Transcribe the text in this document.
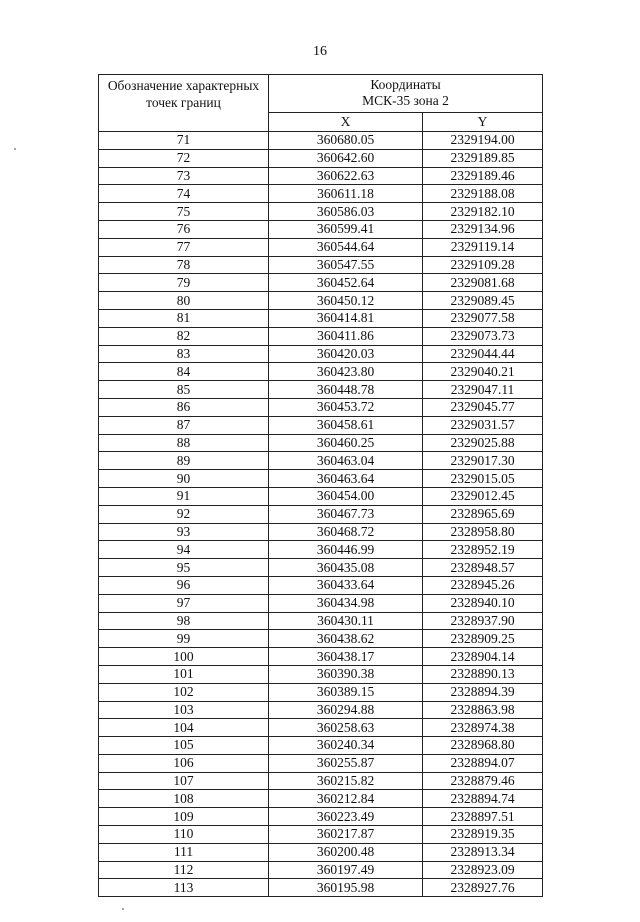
16
Обозначение характерных точек границ	Координаты
МСК-35 зона 2	
	X	Y
71	360680.05	2329194.00
72	360642.60	2329189.85
73	360622.63	2329189.46
74	360611.18	2329188.08
75	360586.03	2329182.10
76	360599.41	2329134.96
77	360544.64	2329119.14
78	360547.55	2329109.28
79	360452.64	2329081.68
80	360450.12	2329089.45
81	360414.81	2329077.58
82	360411.86	2329073.73
83	360420.03	2329044.44
84	360423.80	2329040.21
85	360448.78	2329047.11
86	360453.72	2329045.77
87	360458.61	2329031.57
88	360460.25	2329025.88
89	360463.04	2329017.30
90	360463.64	2329015.05
91	360454.00	2329012.45
92	360467.73	2328965.69
93	360468.72	2328958.80
94	360446.99	2328952.19
95	360435.08	2328948.57
96	360433.64	2328945.26
97	360434.98	2328940.10
98	360430.11	2328937.90
99	360438.62	2328909.25
100	360438.17	2328904.14
101	360390.38	2328890.13
102	360389.15	2328894.39
103	360294.88	2328863.98
104	360258.63	2328974.38
105	360240.34	2328968.80
106	360255.87	2328894.07
107	360215.82	2328879.46
108	360212.84	2328894.74
109	360223.49	2328897.51
110	360217.87	2328919.35
111	360200.48	2328913.34
112	360197.49	2328923.09
113	360195.98	2328927.76
